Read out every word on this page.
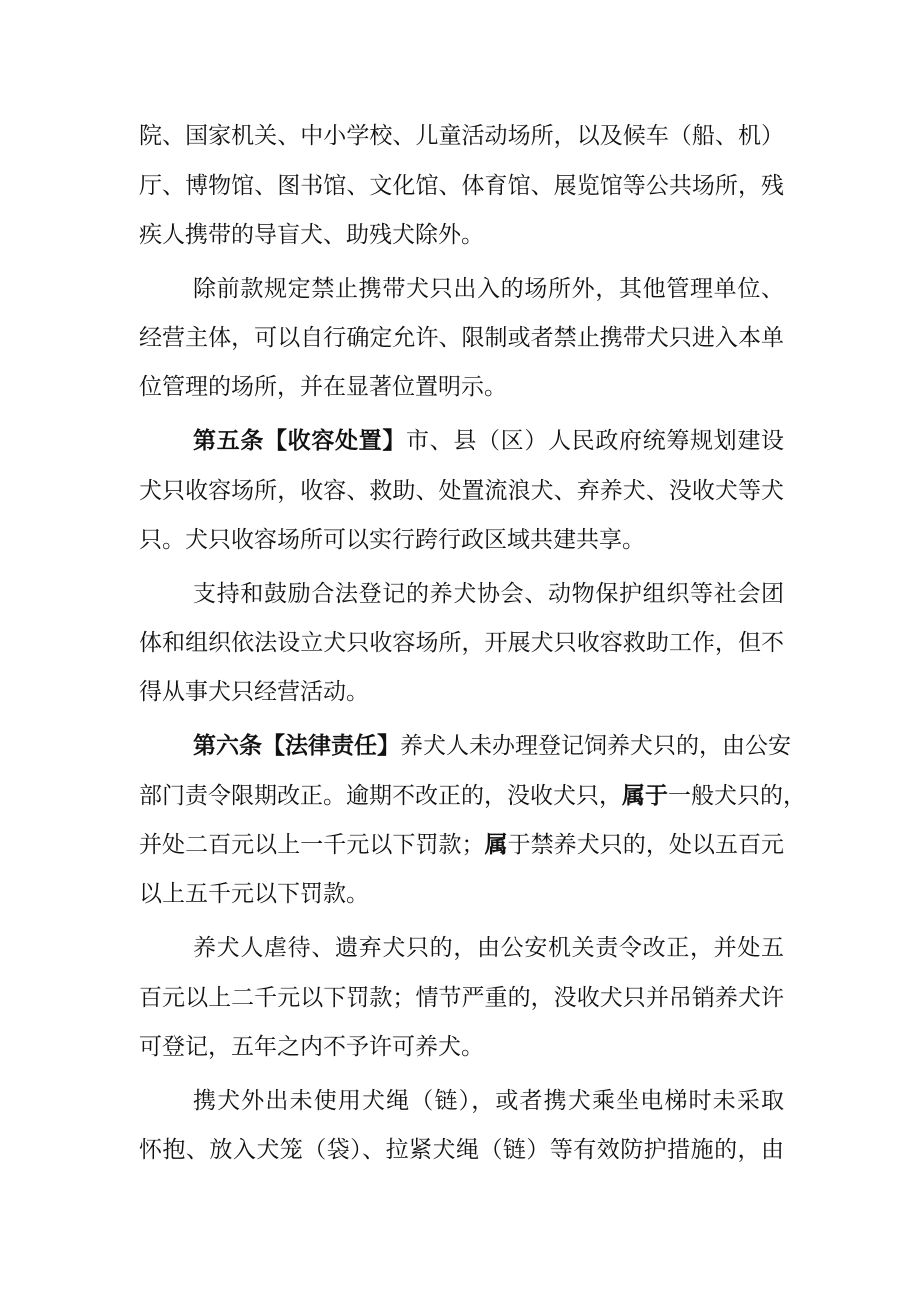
院、国家机关、中小学校、儿童活动场所，以及候车（船、机）
厅、博物馆、图书馆、文化馆、体育馆、展览馆等公共场所，残
疾人携带的导盲犬、助残犬除外。
除前款规定禁止携带犬只出入的场所外，其他管理单位、
经营主体，可以自行确定允许、限制或者禁止携带犬只进入本单
位管理的场所，并在显著位置明示。
第五条【收容处置】市、县（区）人民政府统筹规划建设
犬只收容场所，收容、救助、处置流浪犬、弃养犬、没收犬等犬
只。犬只收容场所可以实行跨行政区域共建共享。
支持和鼓励合法登记的养犬协会、动物保护组织等社会团
体和组织依法设立犬只收容场所，开展犬只收容救助工作，但不
得从事犬只经营活动。
第六条【法律责任】养犬人未办理登记饲养犬只的，由公安
部门责令限期改正。逾期不改正的，没收犬只，属于一般犬只的，
并处二百元以上一千元以下罚款；属于禁养犬只的，处以五百元
以上五千元以下罚款。
养犬人虐待、遗弃犬只的，由公安机关责令改正，并处五
百元以上二千元以下罚款；情节严重的，没收犬只并吊销养犬许
可登记，五年之内不予许可养犬。
携犬外出未使用犬绳（链），或者携犬乘坐电梯时未采取
怀抱、放入犬笼（袋）、拉紧犬绳（链）等有效防护措施的，由
